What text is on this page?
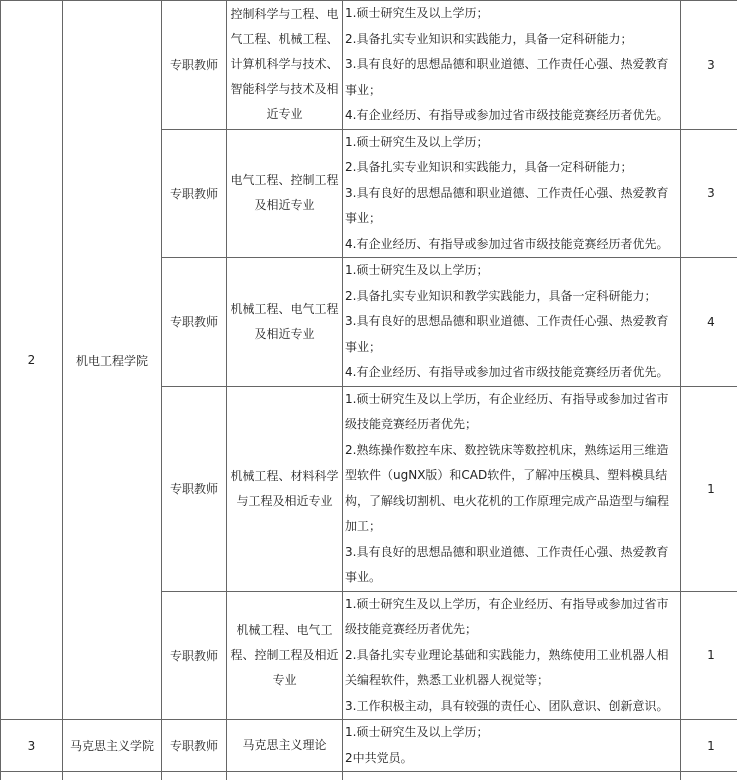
2	机电工程学院	专职教师	控制科学与工程、电气工程、机械工程、计算机科学与技术、智能科学与技术及相近专业	1.硕士研究生及以上学历；
2.具备扎实专业知识和实践能力，具备一定科研能力；
3.具有良好的思想品德和职业道德、工作责任心强、热爱教育事业；
4.有企业经历、有指导或参加过省市级技能竞赛经历者优先。	3
		专职教师	电气工程、控制工程及相近专业	1.硕士研究生及以上学历；
2.具备扎实专业知识和实践能力，具备一定科研能力；
3.具有良好的思想品德和职业道德、工作责任心强、热爱教育事业；
4.有企业经历、有指导或参加过省市级技能竞赛经历者优先。	3
		专职教师	机械工程、电气工程及相近专业	1.硕士研究生及以上学历；
2.具备扎实专业知识和教学实践能力，具备一定科研能力；
3.具有良好的思想品德和职业道德、工作责任心强、热爱教育事业；
4.有企业经历、有指导或参加过省市级技能竞赛经历者优先。	4
		专职教师	机械工程、材料科学与工程及相近专业	1.硕士研究生及以上学历，有企业经历、有指导或参加过省市级技能竞赛经历者优先；
2.熟练操作数控车床、数控铣床等数控机床，熟练运用三维造型软件（ugNX版）和CAD软件，了解冲压模具、塑料模具结构，了解线切割机、电火花机的工作原理完成产品造型与编程加工；
3.具有良好的思想品德和职业道德、工作责任心强、热爱教育事业。	1
		专职教师	机械工程、电气工程、控制工程及相近专业	1.硕士研究生及以上学历，有企业经历、有指导或参加过省市级技能竞赛经历者优先；
2.具备扎实专业理论基础和实践能力，熟练使用工业机器人相关编程软件，熟悉工业机器人视觉等；
3.工作积极主动，具有较强的责任心、团队意识、创新意识。	1
3	马克思主义学院	专职教师	马克思主义理论	1.硕士研究生及以上学历；
2中共党员。	1
